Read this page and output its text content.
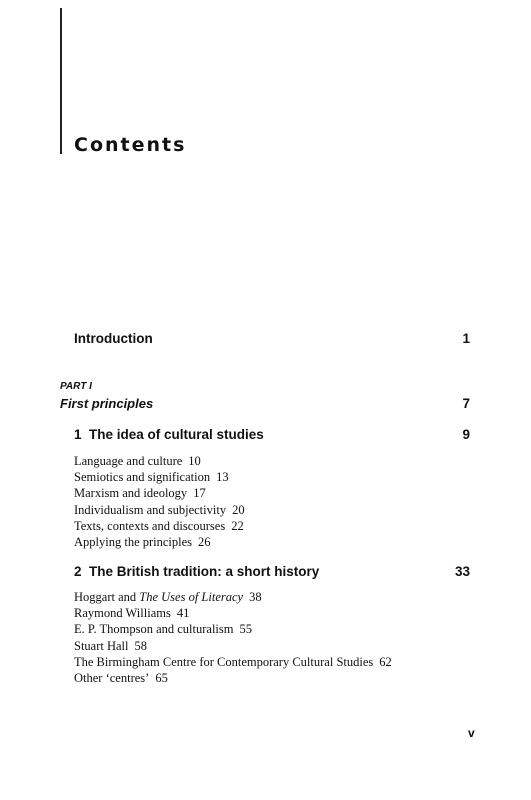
Contents
Introduction	1
PART I
First principles	7
1 The idea of cultural studies	9
Language and culture 10
Semiotics and signification 13
Marxism and ideology 17
Individualism and subjectivity 20
Texts, contexts and discourses 22
Applying the principles 26
2 The British tradition: a short history	33
Hoggart and The Uses of Literacy 38
Raymond Williams 41
E. P. Thompson and culturalism 55
Stuart Hall 58
The Birmingham Centre for Contemporary Cultural Studies 62
Other ‘centres’ 65
v
